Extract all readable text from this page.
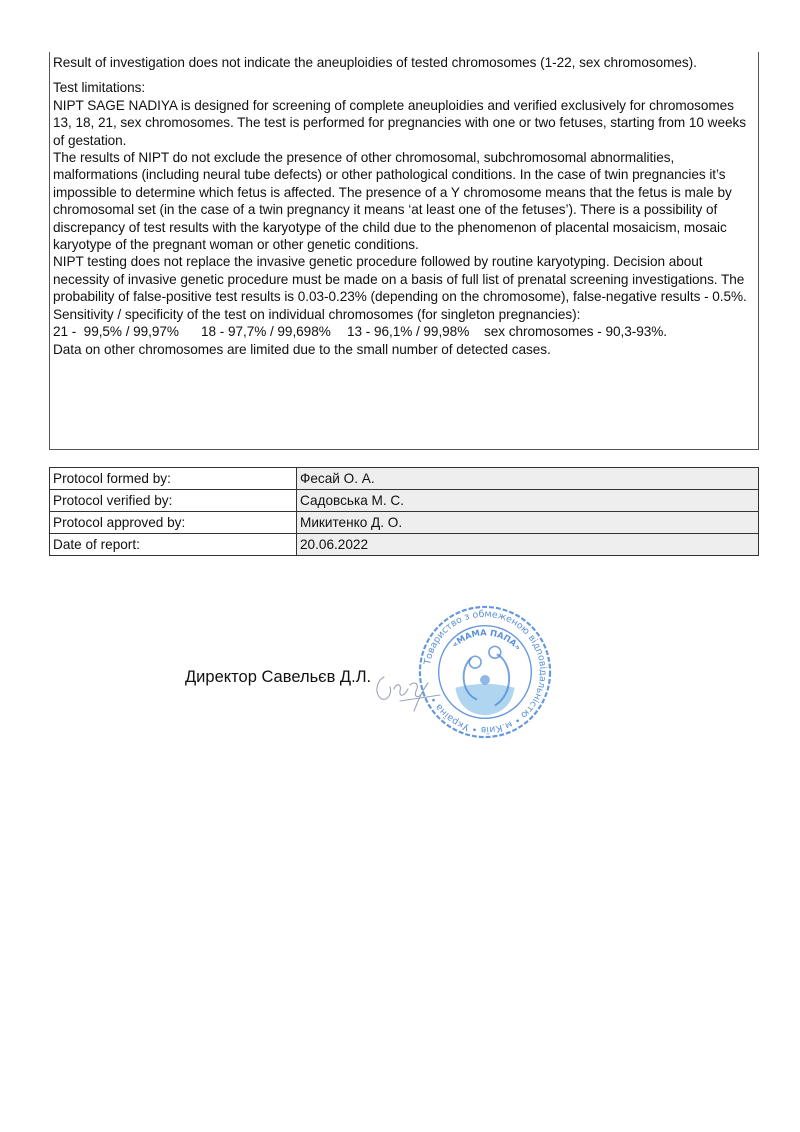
Result of investigation does not indicate the aneuploidies of tested chromosomes (1-22, sex chromosomes).

Test limitations:

NIPT SAGE NADIYA is designed for screening of complete aneuploidies and verified exclusively for chromosomes 13, 18, 21, sex chromosomes. The test is performed for pregnancies with one or two fetuses, starting from 10 weeks of gestation.

The results of NIPT do not exclude the presence of other chromosomal, subchromosomal abnormalities, malformations (including neural tube defects) or other pathological conditions. In the case of twin pregnancies it’s impossible to determine which fetus is affected. The presence of a Y chromosome means that the fetus is male by chromosomal set (in the case of a twin pregnancy it means ‘at least one of the fetuses’). There is a possibility of discrepancy of test results with the karyotype of the child due to the phenomenon of placental mosaicism, mosaic karyotype of the pregnant woman or other genetic conditions.

NIPT testing does not replace the invasive genetic procedure followed by routine karyotyping. Decision about necessity of invasive genetic procedure must be made on a basis of full list of prenatal screening investigations. The probability of false-positive test results is 0.03-0.23% (depending on the chromosome), false-negative results - 0.5%.

Sensitivity / specificity of the test on individual chromosomes (for singleton pregnancies):

21 -  99,5% / 99,97% 18 - 97,7% / 99,698% 13 - 96,1% / 99,98% sex chromosomes - 90,3-93%.

Data on other chromosomes are limited due to the small number of detected cases.

Protocol formed by:	Фесай О. А.
Protocol verified by:	Садовська М. С.
Protocol approved by:	Микитенко Д. О.
Date of report:	20.06.2022
Директор Савельєв Д.Л.
Товариство з обмеженою відповідальністю • м.Київ • Україна •
«МАМА ПАПА»
